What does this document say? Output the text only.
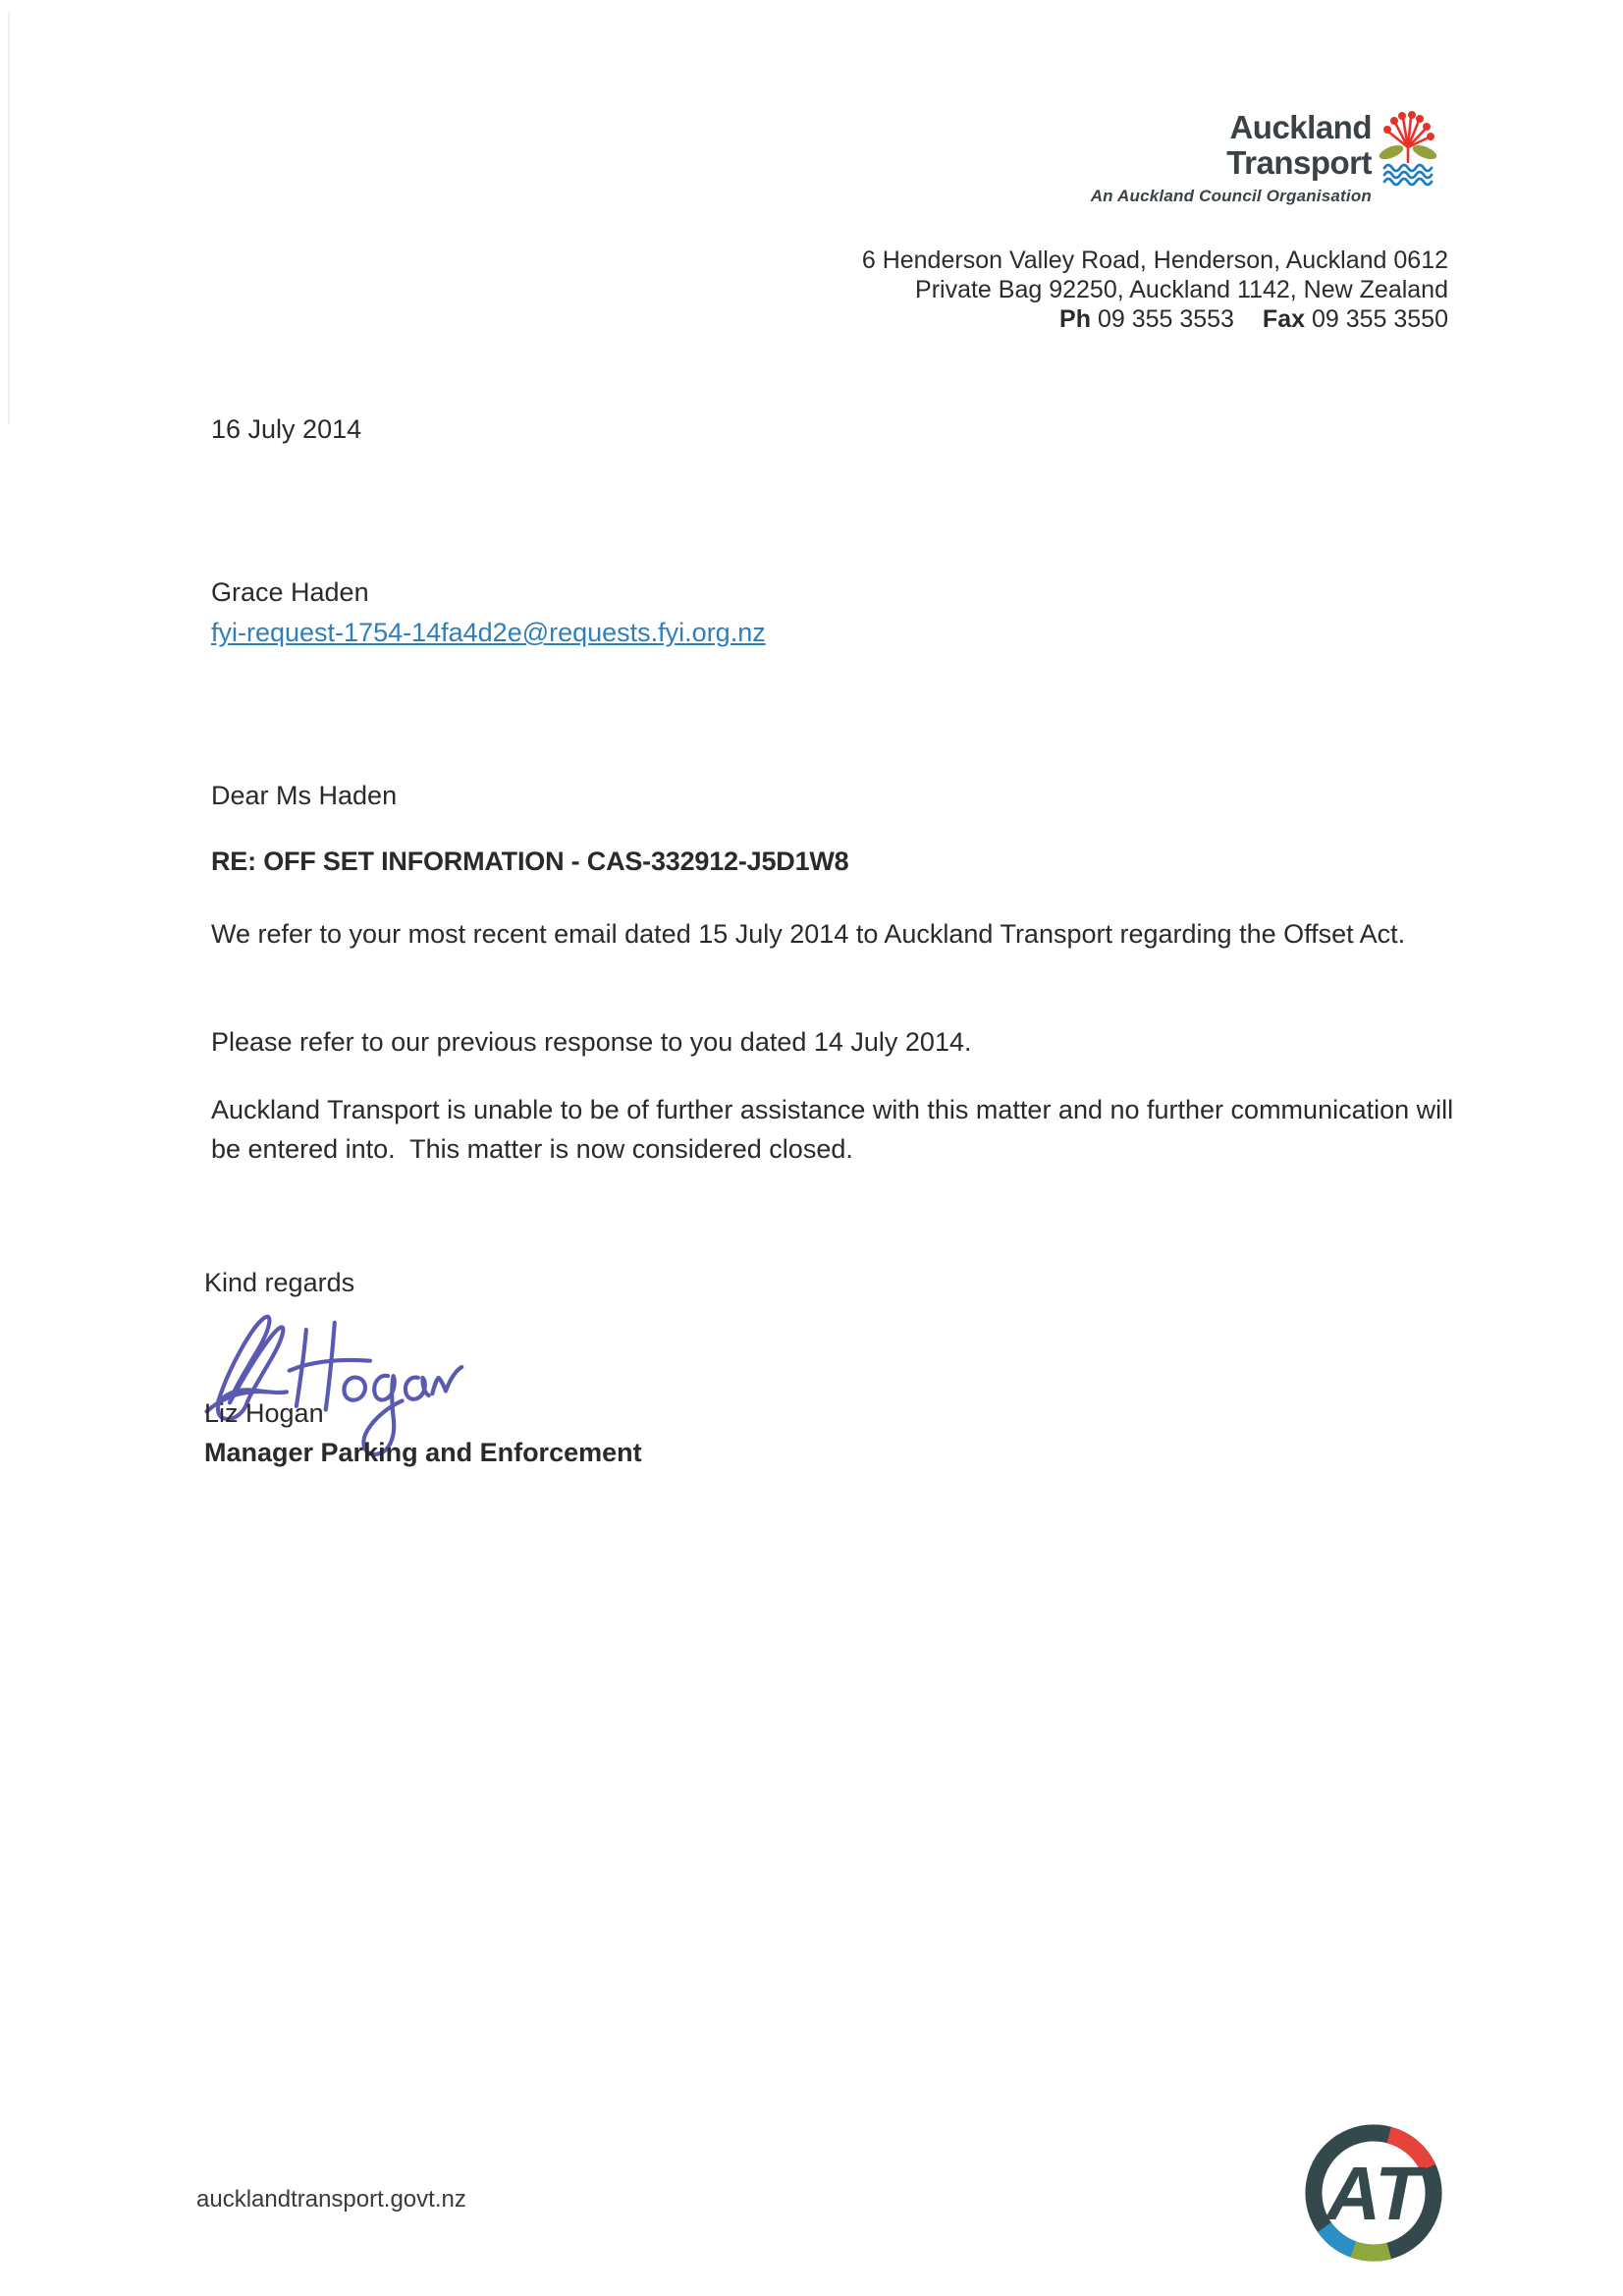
Auckland
Transport
An Auckland Council Organisation
6 Henderson Valley Road, Henderson, Auckland 0612
Private Bag 92250, Auckland 1142, New Zealand
Ph 09 355 3553 Fax 09 355 3550
16 July 2014
Grace Haden
fyi-request-1754-14fa4d2e@requests.fyi.org.nz
Dear Ms Haden
RE: OFF SET INFORMATION - CAS-332912-J5D1W8
We refer to your most recent email dated 15 July 2014 to Auckland Transport regarding the Offset Act.
Please refer to our previous response to you dated 14 July 2014.
Auckland Transport is unable to be of further assistance with this matter and no further communication will be entered into.  This matter is now considered closed.
Kind regards
Liz Hogan
Manager Parking and Enforcement
aucklandtransport.govt.nz	AT
